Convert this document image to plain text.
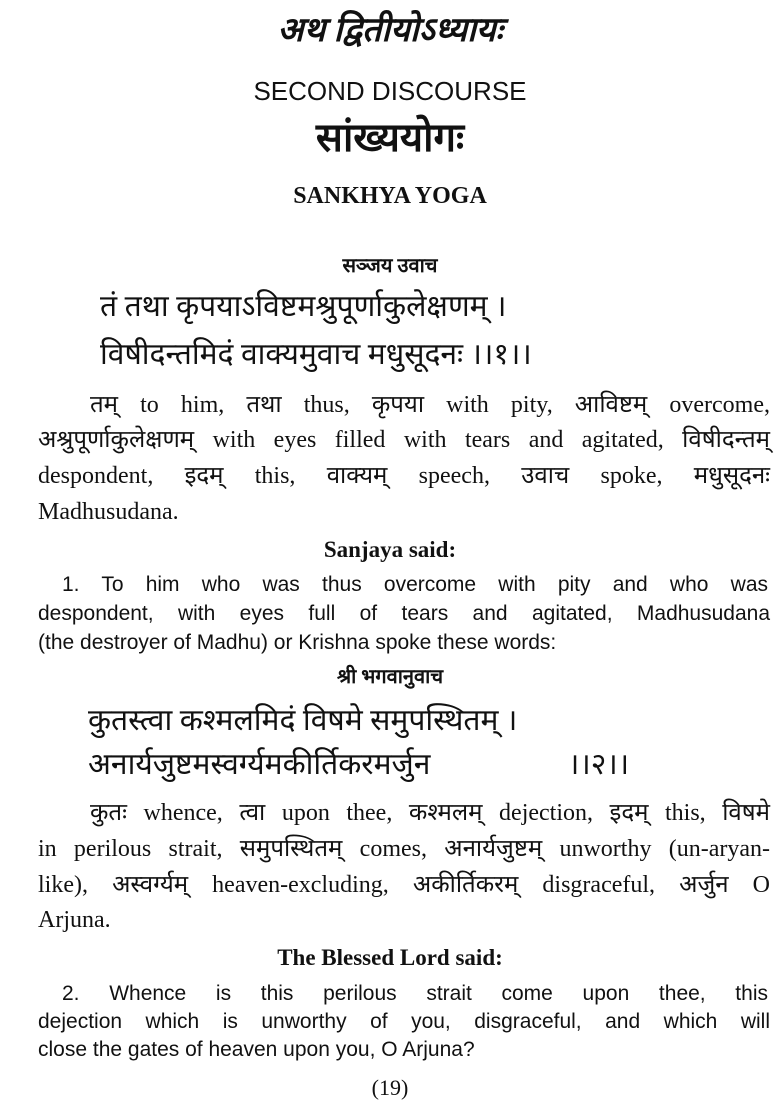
अथ द्वितीयोऽध्यायः
SECOND DISCOURSE
सांख्ययोगः
SANKHYA YOGA
सञ्जय उवाच
तं तथा कृपयाऽविष्टमश्रुपूर्णाकुलेक्षणम् ।
विषीदन्तमिदं वाक्यमुवाच मधुसूदनः ।।१।।
तम् to him, तथा thus, कृपया with pity, आविष्टम् overcome,
अश्रुपूर्णाकुलेक्षणम् with eyes filled with tears and agitated, विषीदन्तम्
despondent, इदम् this, वाक्यम् speech, उवाच spoke, मधुसूदनः
Madhusudana.
Sanjaya said:
1. To him who was thus overcome with pity and who was
despondent, with eyes full of tears and agitated, Madhusudana
(the destroyer of Madhu) or Krishna spoke these words:
श्री भगवानुवाच
कुतस्त्वा कश्मलमिदं विषमे समुपस्थितम् ।
अनार्यजुष्टमस्वर्ग्यमकीर्तिकरमर्जुन	।।२।।
कुतः whence, त्वा upon thee, कश्मलम् dejection, इदम् this, विषमे
in perilous strait, समुपस्थितम् comes, अनार्यजुष्टम् unworthy (un-aryan-
like), अस्वर्ग्यम् heaven-excluding, अकीर्तिकरम् disgraceful, अर्जुन O
Arjuna.
The Blessed Lord said:
2. Whence is this perilous strait come upon thee, this
dejection which is unworthy of you, disgraceful, and which will
close the gates of heaven upon you, O Arjuna?
(19)
